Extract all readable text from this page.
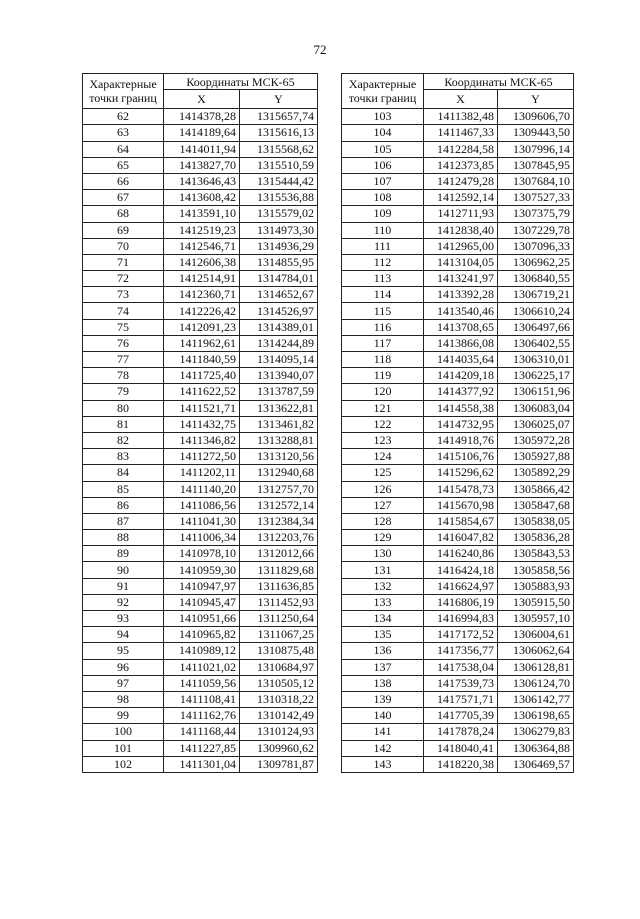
72
Характерные точки границ	Координаты МСК-65	
	X	Y
62	1414378,28	1315657,74
63	1414189,64	1315616,13
64	1414011,94	1315568,62
65	1413827,70	1315510,59
66	1413646,43	1315444,42
67	1413608,42	1315536,88
68	1413591,10	1315579,02
69	1412519,23	1314973,30
70	1412546,71	1314936,29
71	1412606,38	1314855,95
72	1412514,91	1314784,01
73	1412360,71	1314652,67
74	1412226,42	1314526,97
75	1412091,23	1314389,01
76	1411962,61	1314244,89
77	1411840,59	1314095,14
78	1411725,40	1313940,07
79	1411622,52	1313787,59
80	1411521,71	1313622,81
81	1411432,75	1313461,82
82	1411346,82	1313288,81
83	1411272,50	1313120,56
84	1411202,11	1312940,68
85	1411140,20	1312757,70
86	1411086,56	1312572,14
87	1411041,30	1312384,34
88	1411006,34	1312203,76
89	1410978,10	1312012,66
90	1410959,30	1311829,68
91	1410947,97	1311636,85
92	1410945,47	1311452,93
93	1410951,66	1311250,64
94	1410965,82	1311067,25
95	1410989,12	1310875,48
96	1411021,02	1310684,97
97	1411059,56	1310505,12
98	1411108,41	1310318,22
99	1411162,76	1310142,49
100	1411168,44	1310124,93
101	1411227,85	1309960,62
102	1411301,04	1309781,87
Характерные точки границ	Координаты МСК-65	
	X	Y
103	1411382,48	1309606,70
104	1411467,33	1309443,50
105	1412284,58	1307996,14
106	1412373,85	1307845,95
107	1412479,28	1307684,10
108	1412592,14	1307527,33
109	1412711,93	1307375,79
110	1412838,40	1307229,78
111	1412965,00	1307096,33
112	1413104,05	1306962,25
113	1413241,97	1306840,55
114	1413392,28	1306719,21
115	1413540,46	1306610,24
116	1413708,65	1306497,66
117	1413866,08	1306402,55
118	1414035,64	1306310,01
119	1414209,18	1306225,17
120	1414377,92	1306151,96
121	1414558,38	1306083,04
122	1414732,95	1306025,07
123	1414918,76	1305972,28
124	1415106,76	1305927,88
125	1415296,62	1305892,29
126	1415478,73	1305866,42
127	1415670,98	1305847,68
128	1415854,67	1305838,05
129	1416047,82	1305836,28
130	1416240,86	1305843,53
131	1416424,18	1305858,56
132	1416624,97	1305883,93
133	1416806,19	1305915,50
134	1416994,83	1305957,10
135	1417172,52	1306004,61
136	1417356,77	1306062,64
137	1417538,04	1306128,81
138	1417539,73	1306124,70
139	1417571,71	1306142,77
140	1417705,39	1306198,65
141	1417878,24	1306279,83
142	1418040,41	1306364,88
143	1418220,38	1306469,57
